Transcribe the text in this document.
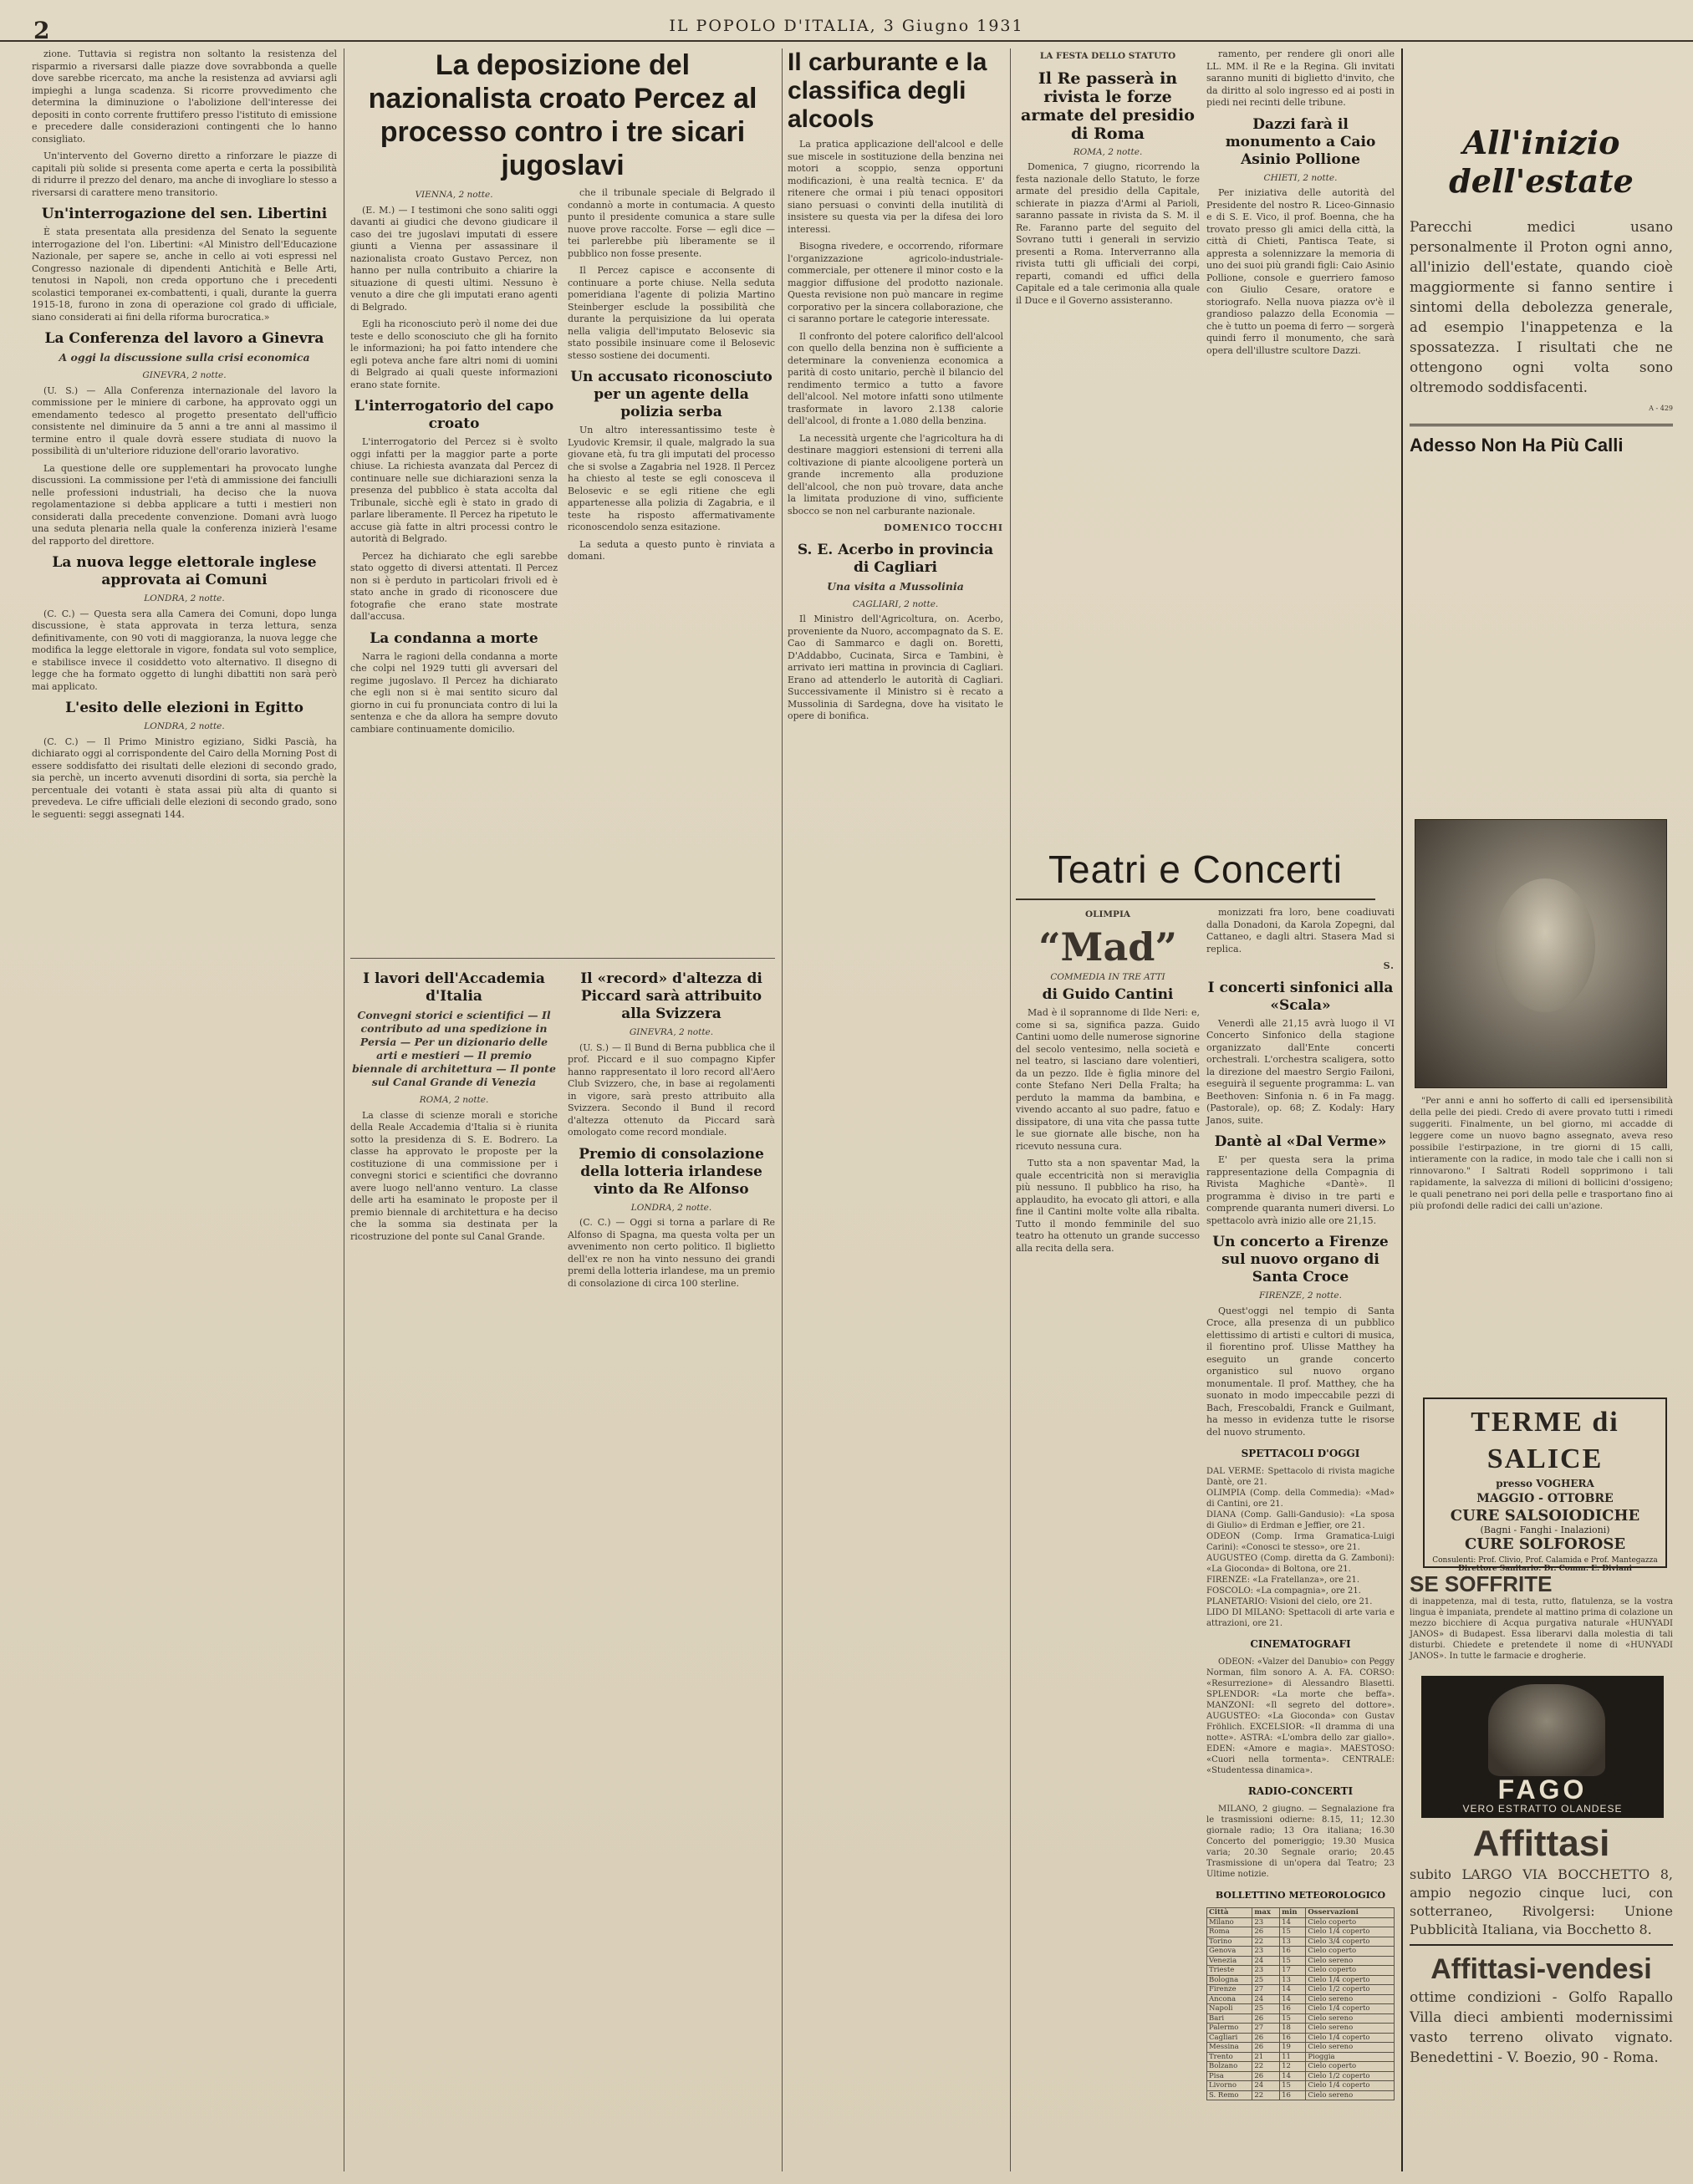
2	IL POPOLO D'ITALIA, 3 Giugno 1931

zione. Tuttavia si registra non soltanto la resistenza del risparmio a riversarsi dalle piazze dove sovrabbonda a quelle dove sarebbe ricercato, ma anche la resistenza ad avviarsi agli impieghi a lunga scadenza. Si ricorre provvedimento che determina la diminuzione o l'abolizione dell'interesse dei depositi in conto corrente fruttifero presso l'istituto di emissione e precedere dalle considerazioni contingenti che lo hanno consigliato.

Un'intervento del Governo diretto a rinforzare le piazze di capitali più solide si presenta come aperta e certa la possibilità di ridurre il prezzo del denaro, ma anche di invogliare lo stesso a riversarsi di carattere meno transitorio.

Un'interrogazione del sen. Libertini

È stata presentata alla presidenza del Senato la seguente interrogazione del l'on. Libertini: «Al Ministro dell'Educazione Nazionale, per sapere se, anche in cello ai voti espressi nel Congresso nazionale di dipendenti Antichità e Belle Arti, tenutosi in Napoli, non creda opportuno che i precedenti scolastici temporanei ex-combattenti, i quali, durante la guerra 1915-18, furono in zona di operazione col grado di ufficiale, siano considerati ai fini della riforma burocratica.»

La Conferenza del lavoro a Ginevra
A oggi la discussione sulla crisi economica
GINEVRA, 2 notte.

(U. S.) — Alla Conferenza internazionale del lavoro la commissione per le miniere di carbone, ha approvato oggi un emendamento tedesco al progetto presentato dell'ufficio consistente nel diminuire da 5 anni a tre anni al massimo il termine entro il quale dovrà essere studiata di nuovo la possibilità di un'ulteriore riduzione dell'orario lavorativo.

La questione delle ore supplementari ha provocato lunghe discussioni. La commissione per l'età di ammissione dei fanciulli nelle professioni industriali, ha deciso che la nuova regolamentazione si debba applicare a tutti i mestieri non considerati dalla precedente convenzione. Domani avrà luogo una seduta plenaria nella quale la conferenza inizierà l'esame del rapporto del direttore.

La nuova legge elettorale inglese approvata ai Comuni
LONDRA, 2 notte.

(C. C.) — Questa sera alla Camera dei Comuni, dopo lunga discussione, è stata approvata in terza lettura, senza definitivamente, con 90 voti di maggioranza, la nuova legge che modifica la legge elettorale in vigore, fondata sul voto semplice, e stabilisce invece il cosiddetto voto alternativo. Il disegno di legge che ha formato oggetto di lunghi dibattiti non sarà però mai applicato.

L'esito delle elezioni in Egitto
LONDRA, 2 notte.

(C. C.) — Il Primo Ministro egiziano, Sidki Pascià, ha dichiarato oggi al corrispondente del Cairo della Morning Post di essere soddisfatto dei risultati delle elezioni di secondo grado, sia perchè, un incerto avvenuti disordini di sorta, sia perchè la percentuale dei votanti è stata assai più alta di quanto si prevedeva. Le cifre ufficiali delle elezioni di secondo grado, sono le seguenti: seggi assegnati 144.

La deposizione del nazionalista croato Percez al processo contro i tre sicari jugoslavi
VIENNA, 2 notte.

(E. M.) — I testimoni che sono saliti oggi davanti ai giudici che devono giudicare il caso dei tre jugoslavi imputati di essere giunti a Vienna per assassinare il nazionalista croato Gustavo Percez, non hanno per nulla contribuito a chiarire la situazione di questi ultimi. Nessuno è venuto a dire che gli imputati erano agenti di Belgrado.

Egli ha riconosciuto però il nome dei due teste e dello sconosciuto che gli ha fornito le informazioni; ha poi fatto intendere che egli poteva anche fare altri nomi di uomini di Belgrado ai quali queste informazioni erano state fornite.

L'interrogatorio del capo croato

L'interrogatorio del Percez si è svolto oggi infatti per la maggior parte a porte chiuse. La richiesta avanzata dal Percez di continuare nelle sue dichiarazioni senza la presenza del pubblico è stata accolta dal Tribunale, sicchè egli è stato in grado di parlare liberamente. Il Percez ha ripetuto le accuse già fatte in altri processi contro le autorità di Belgrado.

Percez ha dichiarato che egli sarebbe stato oggetto di diversi attentati. Il Percez non si è perduto in particolari frivoli ed è stato anche in grado di riconoscere due fotografie che erano state mostrate dall'accusa.

La condanna a morte

Narra le ragioni della condanna a morte che colpi nel 1929 tutti gli avversari del regime jugoslavo. Il Percez ha dichiarato che egli non si è mai sentito sicuro dal giorno in cui fu pronunciata contro di lui la sentenza e che da allora ha sempre dovuto cambiare continuamente domicilio.

che il tribunale speciale di Belgrado il condannò a morte in contumacia. A questo punto il presidente comunica a stare sulle nuove prove raccolte. Forse — egli dice — tei parlerebbe più liberamente se il pubblico non fosse presente.

Il Percez capisce e acconsente di continuare a porte chiuse. Nella seduta pomeridiana l'agente di polizia Martino Steinberger esclude la possibilità che durante la perquisizione da lui operata nella valigia dell'imputato Belosevic sia stato possibile insinuare come il Belosevic stesso sostiene dei documenti.

Un accusato riconosciuto per un agente della polizia serba

Un altro interessantissimo teste è Lyudovic Kremsir, il quale, malgrado la sua giovane età, fu tra gli imputati del processo che si svolse a Zagabria nel 1928. Il Percez ha chiesto al teste se egli conosceva il Belosevic e se egli ritiene che egli appartenesse alla polizia di Zagabria, e il teste ha risposto affermativamente riconoscendolo senza esitazione.

La seduta a questo punto è rinviata a domani.

I lavori dell'Accademia d'Italia
Convegni storici e scientifici — Il contributo ad una spedizione in Persia — Per un dizionario delle arti e mestieri — Il premio biennale di architettura — Il ponte sul Canal Grande di Venezia
ROMA, 2 notte.

La classe di scienze morali e storiche della Reale Accademia d'Italia si è riunita sotto la presidenza di S. E. Bodrero. La classe ha approvato le proposte per la costituzione di una commissione per i convegni storici e scientifici che dovranno avere luogo nell'anno venturo. La classe delle arti ha esaminato le proposte per il premio biennale di architettura e ha deciso che la somma sia destinata per la ricostruzione del ponte sul Canal Grande.

Il «record» d'altezza di Piccard sarà attribuito alla Svizzera
GINEVRA, 2 notte.

(U. S.) — Il Bund di Berna pubblica che il prof. Piccard e il suo compagno Kipfer hanno rappresentato il loro record all'Aero Club Svizzero, che, in base ai regolamenti in vigore, sarà presto attribuito alla Svizzera. Secondo il Bund il record d'altezza ottenuto da Piccard sarà omologato come record mondiale.

Premio di consolazione della lotteria irlandese vinto da Re Alfonso
LONDRA, 2 notte.

(C. C.) — Oggi si torna a parlare di Re Alfonso di Spagna, ma questa volta per un avvenimento non certo politico. Il biglietto dell'ex re non ha vinto nessuno dei grandi premi della lotteria irlandese, ma un premio di consolazione di circa 100 sterline.

Il carburante e la classifica degli alcools

La pratica applicazione dell'alcool e delle sue miscele in sostituzione della benzina nei motori a scoppio, senza opportuni modificazioni, è una realtà tecnica. E' da ritenere che ormai i più tenaci oppositori siano persuasi o convinti della inutilità di insistere su questa via per la difesa dei loro interessi.

Bisogna rivedere, e occorrendo, riformare l'organizzazione agricolo-industriale-commerciale, per ottenere il minor costo e la maggior diffusione del prodotto nazionale. Questa revisione non può mancare in regime corporativo per la sincera collaborazione, che ci saranno portare le categorie interessate.

Il confronto del potere calorifico dell'alcool con quello della benzina non è sufficiente a determinare la convenienza economica a parità di costo unitario, perchè il bilancio del rendimento termico a tutto a favore dell'alcool. Nel motore infatti sono utilmente trasformate in lavoro 2.138 calorie dell'alcool, di fronte a 1.080 della benzina.

La necessità urgente che l'agricoltura ha di destinare maggiori estensioni di terreni alla coltivazione di piante alcooligene porterà un grande incremento alla produzione dell'alcool, che non può trovare, data anche la limitata produzione di vino, sufficiente sbocco se non nel carburante nazionale.

DOMENICO TOCCHI
S. E. Acerbo in provincia di Cagliari
Una visita a Mussolinia
CAGLIARI, 2 notte.

Il Ministro dell'Agricoltura, on. Acerbo, proveniente da Nuoro, accompagnato da S. E. Cao di Sammarco e dagli on. Boretti, D'Addabbo, Cucinata, Sirca e Tambini, è arrivato ieri mattina in provincia di Cagliari. Erano ad attenderlo le autorità di Cagliari. Successivamente il Ministro si è recato a Mussolinia di Sardegna, dove ha visitato le opere di bonifica.

LA FESTA DELLO STATUTO
Il Re passerà in rivista le forze armate del presidio di Roma
ROMA, 2 notte.

Domenica, 7 giugno, ricorrendo la festa nazionale dello Statuto, le forze armate del presidio della Capitale, schierate in piazza d'Armi al Parioli, saranno passate in rivista da S. M. il Re. Faranno parte del seguito del Sovrano tutti i generali in servizio presenti a Roma. Interverranno alla rivista tutti gli ufficiali dei corpi, reparti, comandi ed uffici della Capitale ed a tale cerimonia alla quale il Duce e il Governo assisteranno.

ramento, per rendere gli onori alle LL. MM. il Re e la Regina. Gli invitati saranno muniti di biglietto d'invito, che da diritto al solo ingresso ed ai posti in piedi nei recinti delle tribune.

Dazzi farà il monumento a Caio Asinio Pollione
CHIETI, 2 notte.

Per iniziativa delle autorità del Presidente del nostro R. Liceo-Ginnasio e di S. E. Vico, il prof. Boenna, che ha trovato presso gli amici della città, la città di Chieti, Pantisca Teate, si appresta a solennizzare la memoria di uno dei suoi più grandi figli: Caio Asinio Pollione, console e guerriero famoso con Giulio Cesare, oratore e storiografo. Nella nuova piazza ov'è il grandioso palazzo della Economia — che è tutto un poema di ferro — sorgerà quindi ferro il monumento, che sarà opera dell'illustre scultore Dazzi.

Teatri e Concerti
OLIMPIA
“Mad”
COMMEDIA IN TRE ATTI
di Guido Cantini

Mad è il soprannome di Ilde Neri: e, come si sa, significa pazza. Guido Cantini uomo delle numerose signorine del secolo ventesimo, nella società e nel teatro, si lasciano dare volentieri, da un pezzo. Ilde è figlia minore del conte Stefano Neri Della Fralta; ha perduto la mamma da bambina, e vivendo accanto al suo padre, fatuo e dissipatore, di una vita che passa tutte le sue giornate alle bische, non ha ricevuto nessuna cura.

Tutto sta a non spaventar Mad, la quale eccentricità non si meraviglia più nessuno. Il pubblico ha riso, ha applaudito, ha evocato gli attori, e alla fine il Cantini molte volte alla ribalta. Tutto il mondo femminile del suo teatro ha ottenuto un grande successo alla recita della sera.

monizzati fra loro, bene coadiuvati dalla Donadoni, da Karola Zopegni, dal Cattaneo, e dagli altri. Stasera Mad si replica.

S.
I concerti sinfonici alla «Scala»

Venerdì alle 21,15 avrà luogo il VI Concerto Sinfonico della stagione organizzato dall'Ente concerti orchestrali. L'orchestra scaligera, sotto la direzione del maestro Sergio Failoni, eseguirà il seguente programma: L. van Beethoven: Sinfonia n. 6 in Fa magg. (Pastorale), op. 68; Z. Kodaly: Hary Janos, suite.

Dantè al «Dal Verme»

E' per questa sera la prima rappresentazione della Compagnia di Rivista Maghiche «Dantè». Il programma è diviso in tre parti e comprende quaranta numeri diversi. Lo spettacolo avrà inizio alle ore 21,15.

Un concerto a Firenze sul nuovo organo di Santa Croce
FIRENZE, 2 notte.

Quest'oggi nel tempio di Santa Croce, alla presenza di un pubblico elettissimo di artisti e cultori di musica, il fiorentino prof. Ulisse Matthey ha eseguito un grande concerto organistico sul nuovo organo monumentale. Il prof. Matthey, che ha suonato in modo impeccabile pezzi di Bach, Frescobaldi, Franck e Guilmant, ha messo in evidenza tutte le risorse del nuovo strumento.

SPETTACOLI D'OGGI
DAL VERME: Spettacolo di rivista magiche Dantè, ore 21.
OLIMPIA (Comp. della Commedia): «Mad» di Cantini, ore 21.
DIANA (Comp. Galli-Gandusio): «La sposa di Giulio» di Erdman e Jeffier, ore 21.
ODEON (Comp. Irma Gramatica-Luigi Carini): «Conosci te stesso», ore 21.
AUGUSTEO (Comp. diretta da G. Zamboni): «La Gioconda» di Boltona, ore 21.
FIRENZE: «La Fratellanza», ore 21.
FOSCOLO: «La compagnia», ore 21.
PLANETARIO: Visioni del cielo, ore 21.
LIDO DI MILANO: Spettacoli di arte varia e attrazioni, ore 21.
CINEMATOGRAFI

ODEON: «Valzer del Danubio» con Peggy Norman, film sonoro A. A. FA. CORSO: «Resurrezione» di Alessandro Blasetti. SPLENDOR: «La morte che beffa». MANZONI: «Il segreto del dottore». AUGUSTEO: «La Gioconda» con Gustav Fröhlich. EXCELSIOR: «Il dramma di una notte». ASTRA: «L'ombra dello zar giallo». EDEN: «Amore e magia». MAESTOSO: «Cuori nella tormenta». CENTRALE: «Studentessa dinamica».

RADIO-CONCERTI

MILANO, 2 giugno. — Segnalazione fra le trasmissioni odierne: 8.15, 11; 12.30 giornale radio; 13 Ora italiana; 16.30 Concerto del pomeriggio; 19.30 Musica varia; 20.30 Segnale orario; 20.45 Trasmissione di un'opera dal Teatro; 23 Ultime notizie.

BOLLETTINO METEOROLOGICO
Città	max	min	Osservazioni
Milano	23	14	Cielo coperto
Roma	26	15	Cielo 1/4 coperto
Torino	22	13	Cielo 3/4 coperto
Genova	23	16	Cielo coperto
Venezia	24	15	Cielo sereno
Trieste	23	17	Cielo coperto
Bologna	25	13	Cielo 1/4 coperto
Firenze	27	14	Cielo 1/2 coperto
Ancona	24	14	Cielo sereno
Napoli	25	16	Cielo 1/4 coperto
Bari	26	15	Cielo sereno
Palermo	27	18	Cielo sereno
Cagliari	26	16	Cielo 1/4 coperto
Messina	26	19	Cielo sereno
Trento	21	11	Pioggia
Bolzano	22	12	Cielo coperto
Pisa	26	14	Cielo 1/2 coperto
Livorno	24	15	Cielo 1/4 coperto
S. Remo	22	16	Cielo sereno
All'inizio dell'estate

Parecchi medici usano personalmente il Proton ogni anno, all'inizio dell'estate, quando cioè maggiormente si fanno sentire i sintomi della debolezza generale, ad esempio l'inappetenza e la spossatezza. I risultati che ne ottengono ogni volta sono oltremodo soddisfacenti.

A - 429
Adesso Non Ha Più Calli

"Per anni e anni ho sofferto di calli ed ipersensibilità della pelle dei piedi. Credo di avere provato tutti i rimedi suggeriti. Finalmente, un bel giorno, mi accadde di leggere come un nuovo bagno assegnato, aveva reso possibile l'estirpazione, in tre giorni di 15 calli, intieramente con la radice, in modo tale che i calli non si rinnovarono." I Saltrati Rodell sopprimono i tali rapidamente, la salvezza di milioni di bollicini d'ossigeno; le quali penetrano nei pori della pelle e trasportano fino ai più profondi delle radici dei calli un'azione.

TERME di SALICE
presso VOGHERA
MAGGIO - OTTOBRE
CURE SALSOIODICHE
(Bagni - Fanghi - Inalazioni)
CURE SOLFOROSE
Consulenti: Prof. Clivio, Prof. Calamida e Prof. Mantegazza
Direttore Sanitario: Dr. Comm. E. Diviani
Affittasi

subito LARGO VIA BOCCHETTO 8, ampio negozio cinque luci, con sotterraneo, Rivolgersi: Unione Pubblicità Italiana, via Bocchetto 8.

Affittasi-vendesi

ottime condizioni - Golfo Rapallo Villa dieci ambienti modernissimi vasto terreno olivato vignato. Benedettini - V. Boezio, 90 - Roma.

SE SOFFRITE

di inappetenza, mal di testa, rutto, flatulenza, se la vostra lingua è impaniata, prendete al mattino prima di colazione un mezzo bicchiere di Acqua purgativa naturale «HUNYADI JANOS» di Budapest. Essa liberarvi dalla molestia di tali disturbi. Chiedete e pretendete il nome di «HUNYADI JANOS». In tutte le farmacie e drogherie.

FAGO
VERO ESTRATTO OLANDESE
